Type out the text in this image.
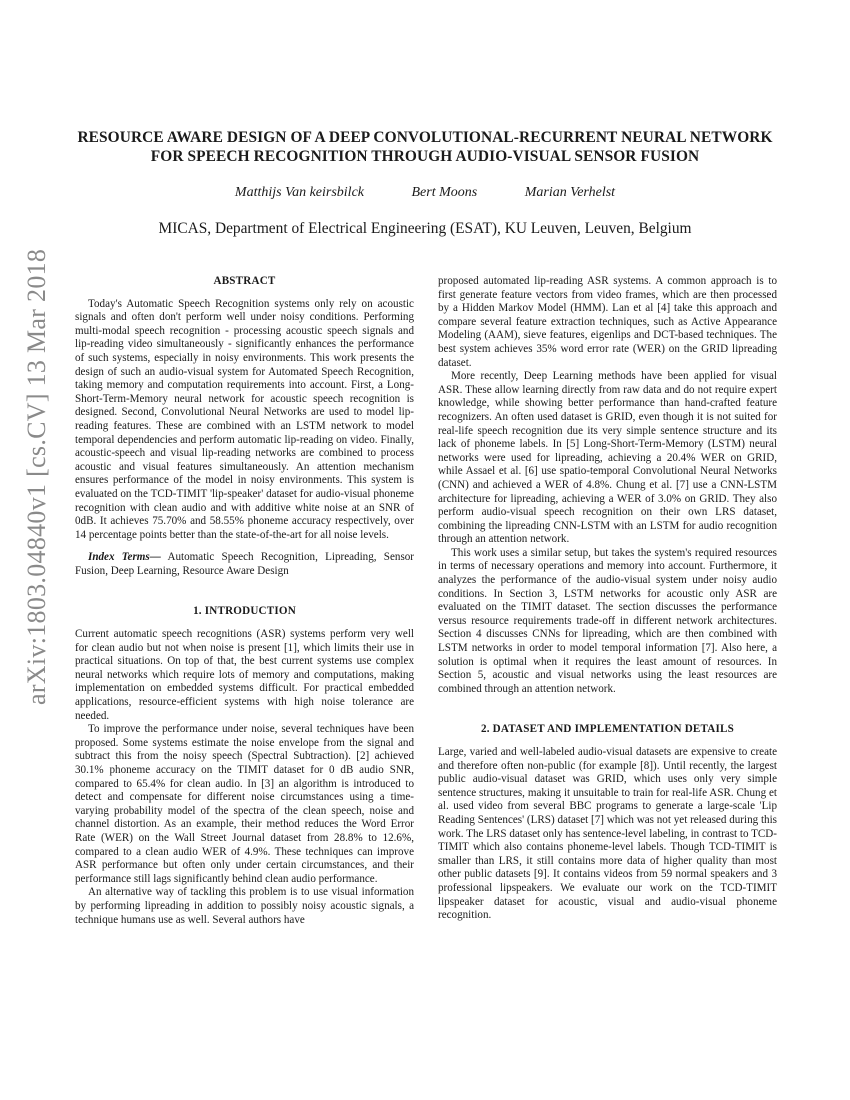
arXiv:1803.04840v1 [cs.CV] 13 Mar 2018
RESOURCE AWARE DESIGN OF A DEEP CONVOLUTIONAL-RECURRENT NEURAL NETWORK FOR SPEECH RECOGNITION THROUGH AUDIO-VISUAL SENSOR FUSION
Matthijs Van keirsbilck	Bert Moons	Marian Verhelst
MICAS, Department of Electrical Engineering (ESAT), KU Leuven, Leuven, Belgium
ABSTRACT

Today's Automatic Speech Recognition systems only rely on acoustic signals and often don't perform well under noisy conditions. Performing multi-modal speech recognition - processing acoustic speech signals and lip-reading video simultaneously - significantly enhances the performance of such systems, especially in noisy environments. This work presents the design of such an audio-visual system for Automated Speech Recognition, taking memory and computation requirements into account. First, a Long-Short-Term-Memory neural network for acoustic speech recognition is designed. Second, Convolutional Neural Networks are used to model lip-reading features. These are combined with an LSTM network to model temporal dependencies and perform automatic lip-reading on video. Finally, acoustic-speech and visual lip-reading networks are combined to process acoustic and visual features simultaneously. An attention mechanism ensures performance of the model in noisy environments. This system is evaluated on the TCD-TIMIT 'lip-speaker' dataset for audio-visual phoneme recognition with clean audio and with additive white noise at an SNR of 0dB. It achieves 75.70% and 58.55% phoneme accuracy respectively, over 14 percentage points better than the state-of-the-art for all noise levels.

Index Terms— Automatic Speech Recognition, Lipreading, Sensor Fusion, Deep Learning, Resource Aware Design

1. INTRODUCTION

Current automatic speech recognitions (ASR) systems perform very well for clean audio but not when noise is present [1], which limits their use in practical situations. On top of that, the best current systems use complex neural networks which require lots of memory and computations, making implementation on embedded systems difficult. For practical embedded applications, resource-efficient systems with high noise tolerance are needed.

To improve the performance under noise, several techniques have been proposed. Some systems estimate the noise envelope from the signal and subtract this from the noisy speech (Spectral Subtraction). [2] achieved 30.1% phoneme accuracy on the TIMIT dataset for 0 dB audio SNR, compared to 65.4% for clean audio. In [3] an algorithm is introduced to detect and compensate for different noise circumstances using a time-varying probability model of the spectra of the clean speech, noise and channel distortion. As an example, their method reduces the Word Error Rate (WER) on the Wall Street Journal dataset from 28.8% to 12.6%, compared to a clean audio WER of 4.9%. These techniques can improve ASR performance but often only under certain circumstances, and their performance still lags significantly behind clean audio performance.

An alternative way of tackling this problem is to use visual information by performing lipreading in addition to possibly noisy acoustic signals, a technique humans use as well. Several authors have

proposed automated lip-reading ASR systems. A common approach is to first generate feature vectors from video frames, which are then processed by a Hidden Markov Model (HMM). Lan et al [4] take this approach and compare several feature extraction techniques, such as Active Appearance Modeling (AAM), sieve features, eigenlips and DCT-based techniques. The best system achieves 35% word error rate (WER) on the GRID lipreading dataset.

More recently, Deep Learning methods have been applied for visual ASR. These allow learning directly from raw data and do not require expert knowledge, while showing better performance than hand-crafted feature recognizers. An often used dataset is GRID, even though it is not suited for real-life speech recognition due its very simple sentence structure and its lack of phoneme labels. In [5] Long-Short-Term-Memory (LSTM) neural networks were used for lipreading, achieving a 20.4% WER on GRID, while Assael et al. [6] use spatio-temporal Convolutional Neural Networks (CNN) and achieved a WER of 4.8%. Chung et al. [7] use a CNN-LSTM architecture for lipreading, achieving a WER of 3.0% on GRID. They also perform audio-visual speech recognition on their own LRS dataset, combining the lipreading CNN-LSTM with an LSTM for audio recognition through an attention network.

This work uses a similar setup, but takes the system's required resources in terms of necessary operations and memory into account. Furthermore, it analyzes the performance of the audio-visual system under noisy audio conditions. In Section 3, LSTM networks for acoustic only ASR are evaluated on the TIMIT dataset. The section discusses the performance versus resource requirements trade-off in different network architectures. Section 4 discusses CNNs for lipreading, which are then combined with LSTM networks in order to model temporal information [7]. Also here, a solution is optimal when it requires the least amount of resources. In Section 5, acoustic and visual networks using the least resources are combined through an attention network.

2. DATASET AND IMPLEMENTATION DETAILS

Large, varied and well-labeled audio-visual datasets are expensive to create and therefore often non-public (for example [8]). Until recently, the largest public audio-visual dataset was GRID, which uses only very simple sentence structures, making it unsuitable to train for real-life ASR. Chung et al. used video from several BBC programs to generate a large-scale 'Lip Reading Sentences' (LRS) dataset [7] which was not yet released during this work. The LRS dataset only has sentence-level labeling, in contrast to TCD-TIMIT which also contains phoneme-level labels. Though TCD-TIMIT is smaller than LRS, it still contains more data of higher quality than most other public datasets [9]. It contains videos from 59 normal speakers and 3 professional lipspeakers. We evaluate our work on the TCD-TIMIT lipspeaker dataset for acoustic, visual and audio-visual phoneme recognition.
